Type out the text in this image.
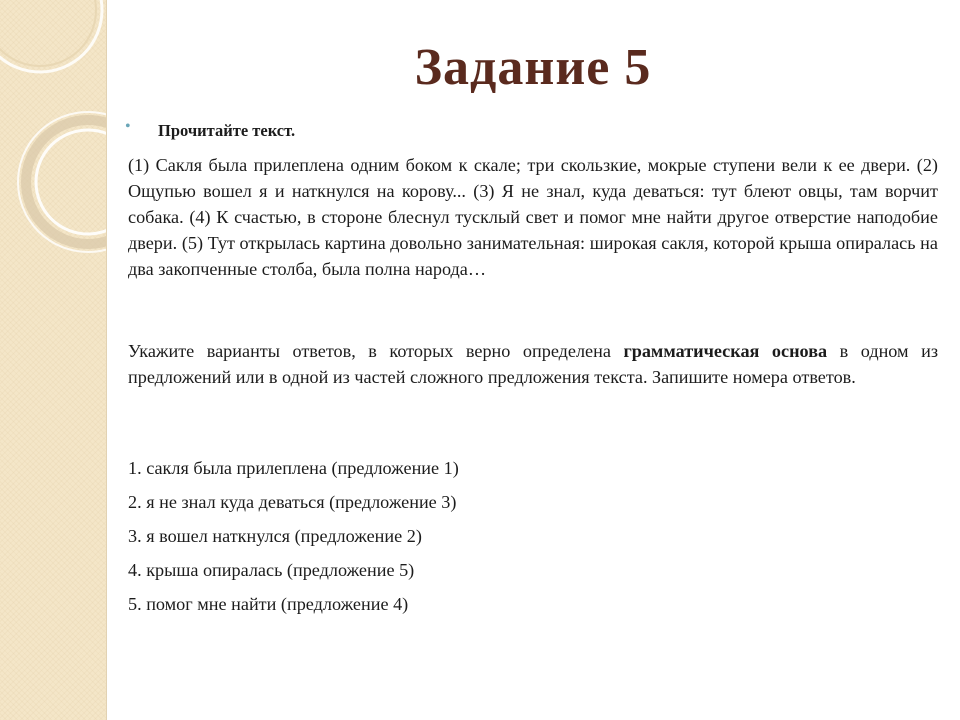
Задание 5
• Прочитайте текст.
(1) Сакля была прилеплена одним боком к скале; три скользкие, мокрые ступени вели к ее двери. (2) Ощупью вошел я и наткнулся на корову... (3) Я не знал, куда деваться: тут блеют овцы, там ворчит собака. (4) К счастью, в стороне блеснул тусклый свет и помог мне найти другое отверстие наподобие двери. (5) Тут открылась картина довольно занимательная: широкая сакля, которой крыша опиралась на два закопченные столба, была полна народа…
Укажите варианты ответов, в которых верно определена грамматическая основа в одном из предложений или в одной из частей сложного предложения текста. Запишите номера ответов.
1. сакля была прилеплена (предложение 1)
2. я не знал куда деваться (предложение 3)
3. я вошел наткнулся (предложение 2)
4. крыша опиралась (предложение 5)
5. помог мне найти (предложение 4)
